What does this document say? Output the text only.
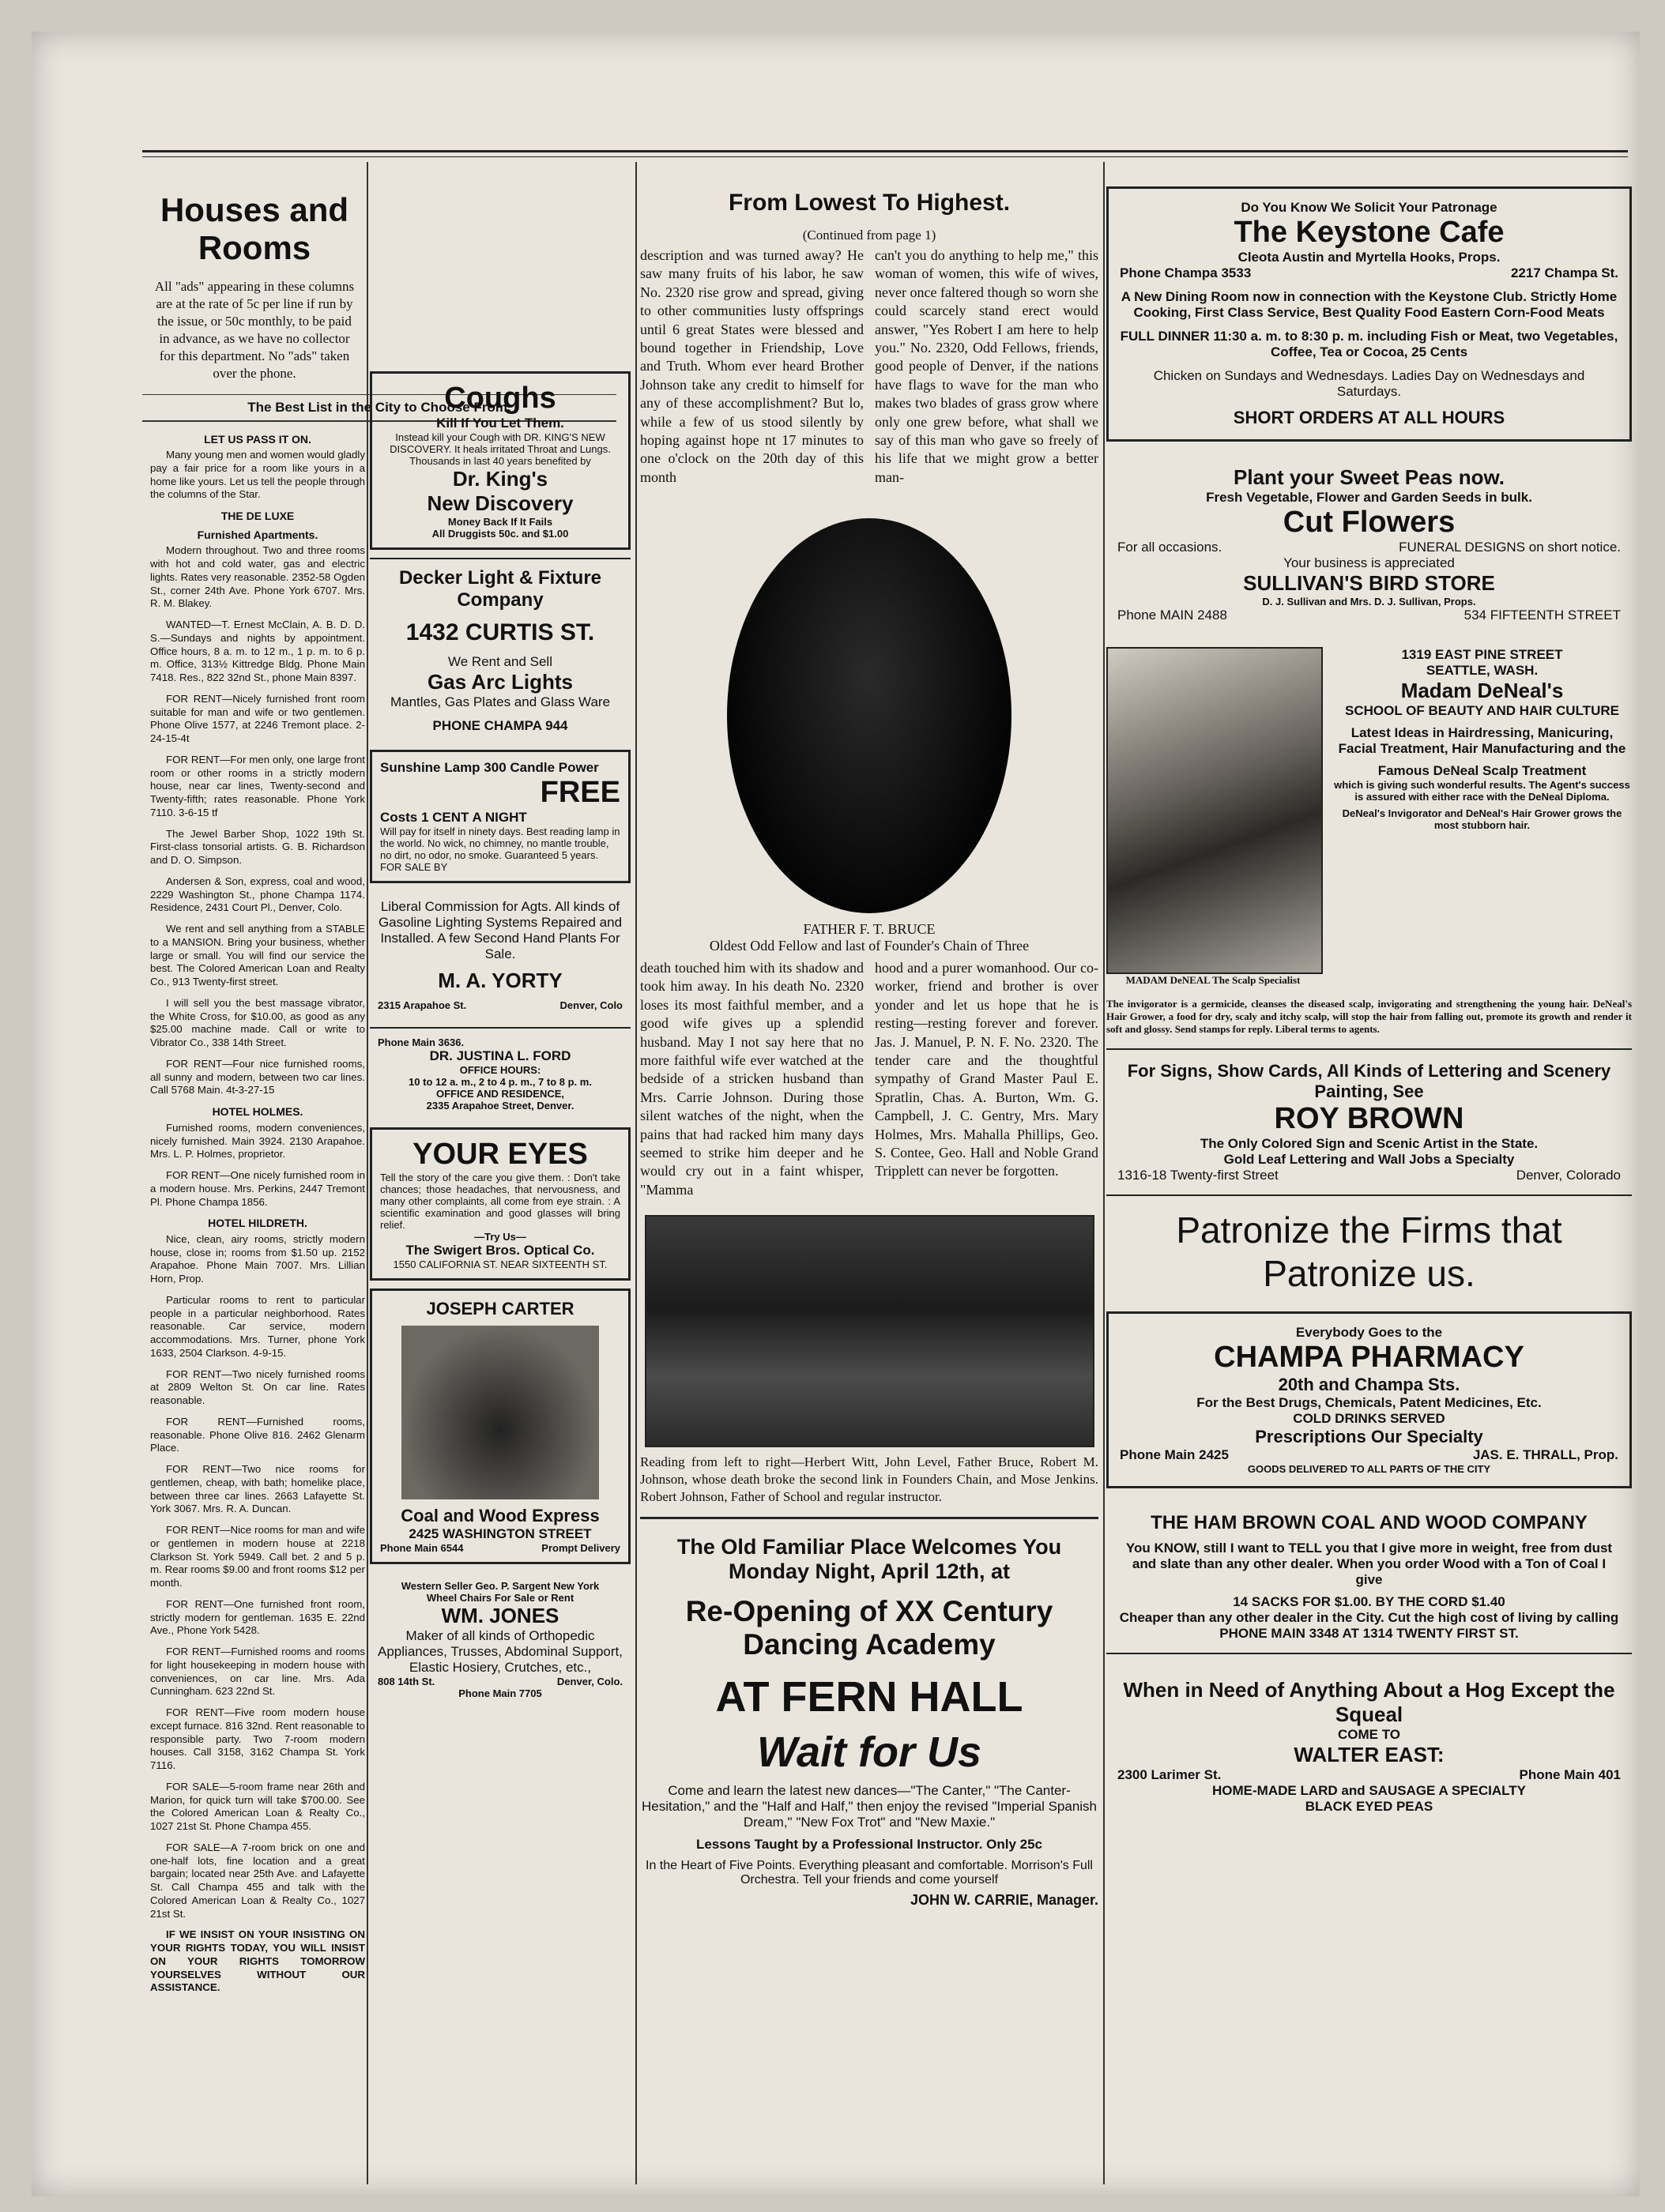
Houses and Rooms
All "ads" appearing in these columns are at the rate of 5c per line if run by the issue, or 50c monthly, to be paid in advance, as we have no collector for this department. No "ads" taken over the phone.
The Best List in the City to Choose From.
LET US PASS IT ON.

Many young men and women would gladly pay a fair price for a room like yours in a home like yours. Let us tell the people through the columns of the Star.

THE DE LUXE
Furnished Apartments.

Modern throughout. Two and three rooms with hot and cold water, gas and electric lights. Rates very reasonable. 2352-58 Ogden St., corner 24th Ave. Phone York 6707. Mrs. R. M. Blakey.

WANTED—T. Ernest McClain, A. B. D. D. S.—Sundays and nights by appointment. Office hours, 8 a. m. to 12 m., 1 p. m. to 6 p. m. Office, 313½ Kittredge Bldg. Phone Main 7418. Res., 822 32nd St., phone Main 8397.

FOR RENT—Nicely furnished front room suitable for man and wife or two gentlemen. Phone Olive 1577, at 2246 Tremont place. 2-24-15-4t

FOR RENT—For men only, one large front room or other rooms in a strictly modern house, near car lines, Twenty-second and Twenty-fifth; rates reasonable. Phone York 7110. 3-6-15 tf

The Jewel Barber Shop, 1022 19th St. First-class tonsorial artists. G. B. Richardson and D. O. Simpson.

Andersen & Son, express, coal and wood, 2229 Washington St., phone Champa 1174. Residence, 2431 Court Pl., Denver, Colo.

We rent and sell anything from a STABLE to a MANSION. Bring your business, whether large or small. You will find our service the best. The Colored American Loan and Realty Co., 913 Twenty-first street.

I will sell you the best massage vibrator, the White Cross, for $10.00, as good as any $25.00 machine made. Call or write to Vibrator Co., 338 14th Street.

FOR RENT—Four nice furnished rooms, all sunny and modern, between two car lines. Call 5768 Main. 4t-3-27-15

HOTEL HOLMES.

Furnished rooms, modern conveniences, nicely furnished. Main 3924. 2130 Arapahoe. Mrs. L. P. Holmes, proprietor.

FOR RENT—One nicely furnished room in a modern house. Mrs. Perkins, 2447 Tremont Pl. Phone Champa 1856.

HOTEL HILDRETH.

Nice, clean, airy rooms, strictly modern house, close in; rooms from $1.50 up. 2152 Arapahoe. Phone Main 7007. Mrs. Lillian Horn, Prop.

Particular rooms to rent to particular people in a particular neighborhood. Rates reasonable. Car service, modern accommodations. Mrs. Turner, phone York 1633, 2504 Clarkson. 4-9-15.

FOR RENT—Two nicely furnished rooms at 2809 Welton St. On car line. Rates reasonable.

FOR RENT—Furnished rooms, reasonable. Phone Olive 816. 2462 Glenarm Place.

FOR RENT—Two nice rooms for gentlemen, cheap, with bath; homelike place, between three car lines. 2663 Lafayette St. York 3067. Mrs. R. A. Duncan.

FOR RENT—Nice rooms for man and wife or gentlemen in modern house at 2218 Clarkson St. York 5949. Call bet. 2 and 5 p. m. Rear rooms $9.00 and front rooms $12 per month.

FOR RENT—One furnished front room, strictly modern for gentleman. 1635 E. 22nd Ave., Phone York 5428.

FOR RENT—Furnished rooms and rooms for light housekeeping in modern house with conveniences, on car line. Mrs. Ada Cunningham. 623 22nd St.

FOR RENT—Five room modern house except furnace. 816 32nd. Rent reasonable to responsible party. Two 7-room modern houses. Call 3158, 3162 Champa St. York 7116.

FOR SALE—5-room frame near 26th and Marion, for quick turn will take $700.00. See the Colored American Loan & Realty Co., 1027 21st St. Phone Champa 455.

FOR SALE—A 7-room brick on one and one-half lots, fine location and a great bargain; located near 25th Ave. and Lafayette St. Call Champa 455 and talk with the Colored American Loan & Realty Co., 1027 21st St.

IF WE INSIST ON YOUR INSISTING ON YOUR RIGHTS TODAY, YOU WILL INSIST ON YOUR RIGHTS TOMORROW YOURSELVES WITHOUT OUR ASSISTANCE.

Coughs
Kill If You Let Them.
Instead kill your Cough with DR. KING'S NEW DISCOVERY. It heals irritated Throat and Lungs. Thousands in last 40 years benefited by
Dr. King's
New Discovery
Money Back If It Fails
All Druggists 50c. and $1.00
Decker Light & Fixture Company
1432 CURTIS ST.
We Rent and Sell
Gas Arc Lights
Mantles, Gas Plates and Glass Ware
PHONE CHAMPA 944
Sunshine Lamp 300 Candle Power
FREE
Costs 1 CENT A NIGHT
Will pay for itself in ninety days. Best reading lamp in the world. No wick, no chimney, no mantle trouble, no dirt, no odor, no smoke. Guaranteed 5 years. FOR SALE BY
Liberal Commission for Agts. All kinds of Gasoline Lighting Systems Repaired and Installed. A few Second Hand Plants For Sale.
M. A. YORTY
2315 Arapahoe St.	Denver, Colo
Phone Main 3636.
DR. JUSTINA L. FORD
OFFICE HOURS:
10 to 12 a. m., 2 to 4 p. m., 7 to 8 p. m.
OFFICE AND RESIDENCE,
2335 Arapahoe Street, Denver.
YOUR EYES
Tell the story of the care you give them. : Don't take chances; those headaches, that nervousness, and many other complaints, all come from eye strain. : A scientific examination and good glasses will bring relief.
—Try Us—
The Swigert Bros. Optical Co.
1550 CALIFORNIA ST. NEAR SIXTEENTH ST.
JOSEPH CARTER
Coal and Wood Express
2425 WASHINGTON STREET
Phone Main 6544	Prompt Delivery
Western Seller Geo. P. Sargent New York
Wheel Chairs For Sale or Rent
WM. JONES
Maker of all kinds of Orthopedic Appliances, Trusses, Abdominal Support, Elastic Hosiery, Crutches, etc.,
808 14th St.	Denver, Colo.
Phone Main 7705
From Lowest To Highest.
(Continued from page 1)
description and was turned away? He saw many fruits of his labor, he saw No. 2320 rise grow and spread, giving to other communities lusty offsprings until 6 great States were blessed and bound together in Friendship, Love and Truth. Whom ever heard Brother Johnson take any credit to himself for any of these accomplishment? But lo, while a few of us stood silently by hoping against hope nt 17 minutes to one o'clock on the 20th day of this month
can't you do anything to help me," this woman of women, this wife of wives, never once faltered though so worn she could scarcely stand erect would answer, "Yes Robert I am here to help you." No. 2320, Odd Fellows, friends, good people of Denver, if the nations have flags to wave for the man who makes two blades of grass grow where only one grew before, what shall we say of this man who gave so freely of his life that we might grow a better man-
FATHER F. T. BRUCE
Oldest Odd Fellow and last of Founder's Chain of Three
death touched him with its shadow and took him away. In his death No. 2320 loses its most faithful member, and a good wife gives up a splendid husband. May I not say here that no more faithful wife ever watched at the bedside of a stricken husband than Mrs. Carrie Johnson. During those silent watches of the night, when the pains that had racked him many days seemed to strike him deeper and he would cry out in a faint whisper, "Mamma
hood and a purer womanhood. Our co-worker, friend and brother is over yonder and let us hope that he is resting—resting forever and forever. Jas. J. Manuel, P. N. F. No. 2320. The tender care and the thoughtful sympathy of Grand Master Paul E. Spratlin, Chas. A. Burton, Wm. G. Campbell, J. C. Gentry, Mrs. Mary Holmes, Mrs. Mahalla Phillips, Geo. S. Contee, Geo. Hall and Noble Grand Tripplett can never be forgotten.
Reading from left to right—Herbert Witt, John Level, Father Bruce, Robert M. Johnson, whose death broke the second link in Founders Chain, and Mose Jenkins. Robert Johnson, Father of School and regular instructor.
The Old Familiar Place Welcomes You Monday Night, April 12th, at
Re-Opening of XX Century Dancing Academy
AT FERN HALL
Wait for Us
Come and learn the latest new dances—"The Canter," "The Canter-Hesitation," and the "Half and Half," then enjoy the revised "Imperial Spanish Dream," "New Fox Trot" and "New Maxie."
Lessons Taught by a Professional Instructor. Only 25c
In the Heart of Five Points. Everything pleasant and comfortable. Morrison's Full Orchestra. Tell your friends and come yourself
JOHN W. CARRIE, Manager.
Do You Know We Solicit Your Patronage
The Keystone Cafe
Cleota Austin and Myrtella Hooks, Props.
Phone Champa 3533	2217 Champa St.
A New Dining Room now in connection with the Keystone Club. Strictly Home Cooking, First Class Service, Best Quality Food Eastern Corn-Food Meats
FULL DINNER 11:30 a. m. to 8:30 p. m. including Fish or Meat, two Vegetables, Coffee, Tea or Cocoa, 25 Cents
Chicken on Sundays and Wednesdays. Ladies Day on Wednesdays and Saturdays.
SHORT ORDERS AT ALL HOURS
Plant your Sweet Peas now.
Fresh Vegetable, Flower and Garden Seeds in bulk.
Cut Flowers
For all occasions.	FUNERAL DESIGNS on short notice.
Your business is appreciated
SULLIVAN'S BIRD STORE
D. J. Sullivan and Mrs. D. J. Sullivan, Props.
Phone MAIN 2488	534 FIFTEENTH STREET
MADAM DeNEAL The Scalp Specialist
1319 EAST PINE STREET
SEATTLE, WASH.
Madam DeNeal's
SCHOOL OF BEAUTY AND HAIR CULTURE
Latest Ideas in Hairdressing, Manicuring, Facial Treatment, Hair Manufacturing and the
Famous DeNeal Scalp Treatment
which is giving such wonderful results. The Agent's success is assured with either race with the DeNeal Diploma.
DeNeal's Invigorator and DeNeal's Hair Grower grows the most stubborn hair.
The invigorator is a germicide, cleanses the diseased scalp, invigorating and strengthening the young hair. DeNeal's Hair Grower, a food for dry, scaly and itchy scalp, will stop the hair from falling out, promote its growth and render it soft and glossy. Send stamps for reply. Liberal terms to agents.
For Signs, Show Cards, All Kinds of Lettering and Scenery Painting, See
ROY BROWN
The Only Colored Sign and Scenic Artist in the State.
Gold Leaf Lettering and Wall Jobs a Specialty
1316-18 Twenty-first Street	Denver, Colorado
Patronize the Firms that Patronize us.
Everybody Goes to the
CHAMPA PHARMACY
20th and Champa Sts.
For the Best Drugs, Chemicals, Patent Medicines, Etc.
COLD DRINKS SERVED
Prescriptions Our Specialty
Phone Main 2425	JAS. E. THRALL, Prop.
GOODS DELIVERED TO ALL PARTS OF THE CITY
THE HAM BROWN COAL AND WOOD COMPANY
You KNOW, still I want to TELL you that I give more in weight, free from dust and slate than any other dealer. When you order Wood with a Ton of Coal I give
14 SACKS FOR $1.00. BY THE CORD $1.40
Cheaper than any other dealer in the City. Cut the high cost of living by calling
PHONE MAIN 3348 AT 1314 TWENTY FIRST ST.
When in Need of Anything About a Hog Except the Squeal
COME TO
WALTER EAST:
2300 Larimer St.	Phone Main 401
HOME-MADE LARD and SAUSAGE A SPECIALTY
BLACK EYED PEAS
